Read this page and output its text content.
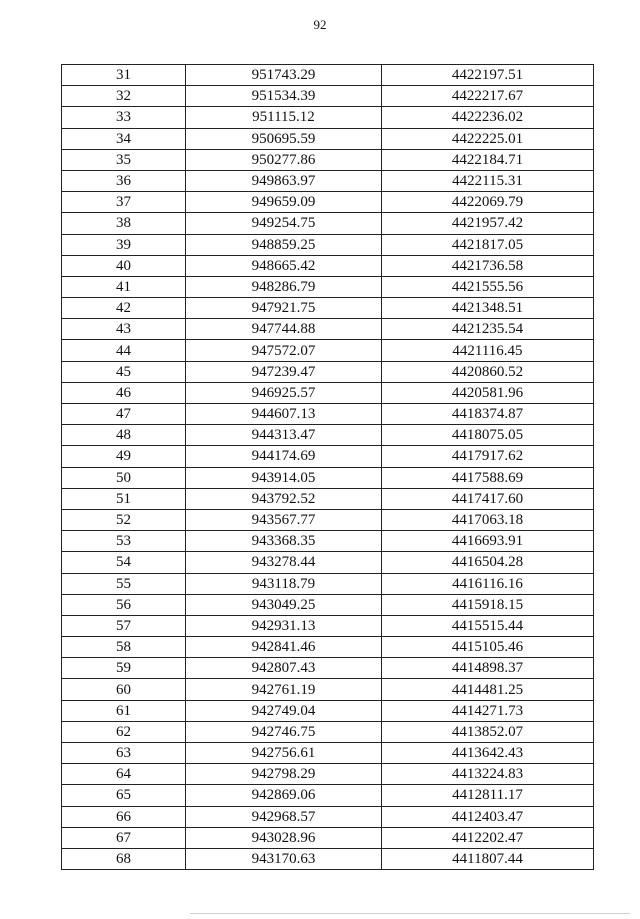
92
31	951743.29	4422197.51
32	951534.39	4422217.67
33	951115.12	4422236.02
34	950695.59	4422225.01
35	950277.86	4422184.71
36	949863.97	4422115.31
37	949659.09	4422069.79
38	949254.75	4421957.42
39	948859.25	4421817.05
40	948665.42	4421736.58
41	948286.79	4421555.56
42	947921.75	4421348.51
43	947744.88	4421235.54
44	947572.07	4421116.45
45	947239.47	4420860.52
46	946925.57	4420581.96
47	944607.13	4418374.87
48	944313.47	4418075.05
49	944174.69	4417917.62
50	943914.05	4417588.69
51	943792.52	4417417.60
52	943567.77	4417063.18
53	943368.35	4416693.91
54	943278.44	4416504.28
55	943118.79	4416116.16
56	943049.25	4415918.15
57	942931.13	4415515.44
58	942841.46	4415105.46
59	942807.43	4414898.37
60	942761.19	4414481.25
61	942749.04	4414271.73
62	942746.75	4413852.07
63	942756.61	4413642.43
64	942798.29	4413224.83
65	942869.06	4412811.17
66	942968.57	4412403.47
67	943028.96	4412202.47
68	943170.63	4411807.44
